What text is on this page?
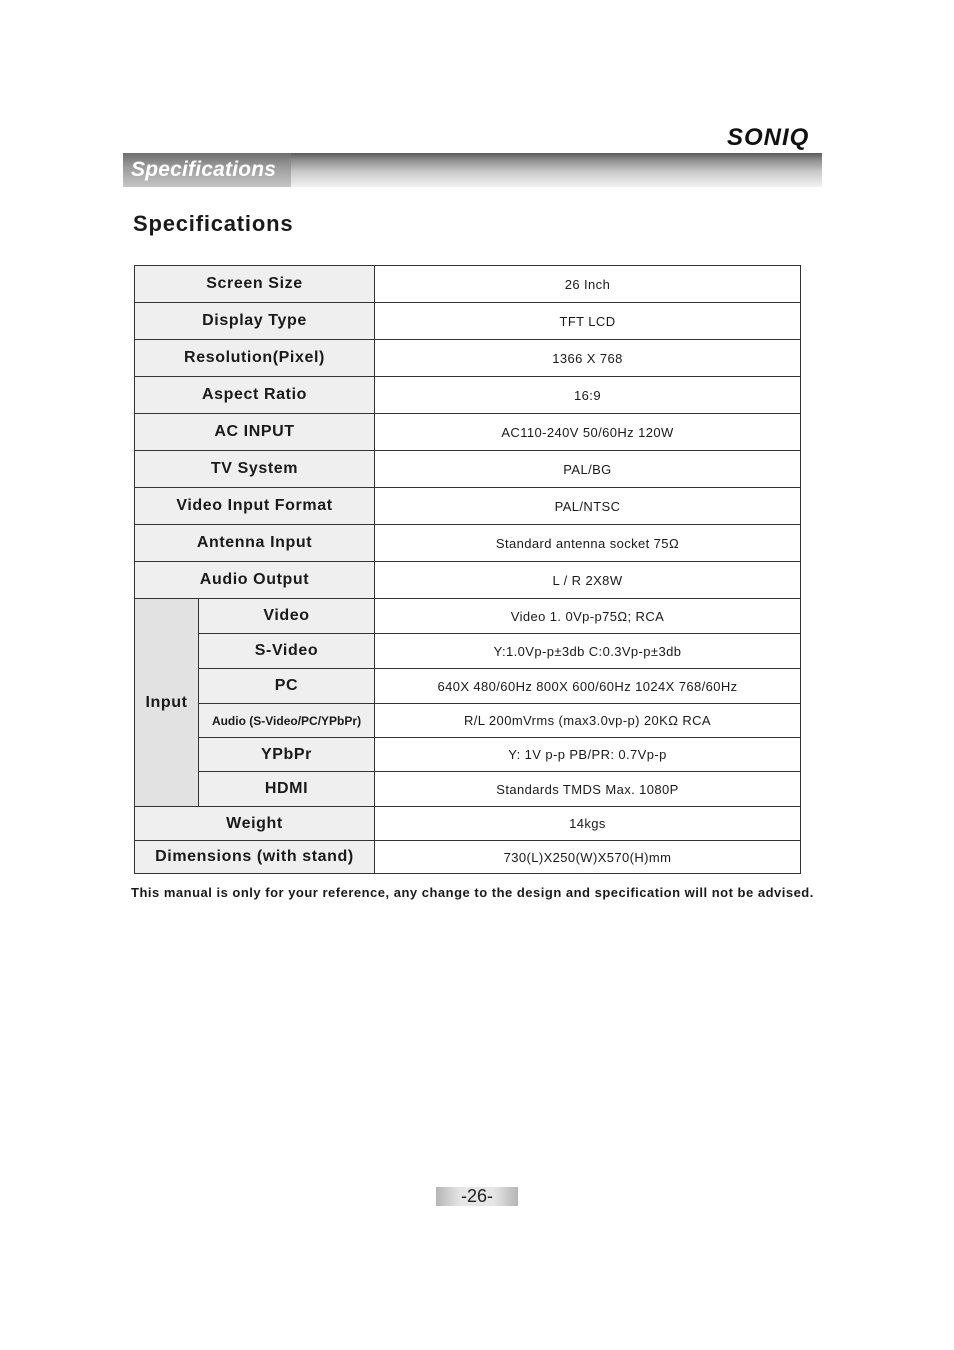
SONIQ
Specifications
Specifications
Screen Size		26 Inch
Display Type		TFT LCD
Resolution(Pixel)		1366 X 768
Aspect Ratio		16:9
AC INPUT		AC110-240V 50/60Hz 120W
TV System		PAL/BG
Video Input Format		PAL/NTSC
Antenna Input		Standard antenna socket 75Ω
Audio Output		L / R 2X8W
Input	Video	Video 1. 0Vp-p75Ω; RCA
	S-Video	Y:1.0Vp-p±3db C:0.3Vp-p±3db
	PC	640X 480/60Hz 800X 600/60Hz 1024X 768/60Hz
	Audio (S-Video/PC/YPbPr)	R/L 200mVrms (max3.0vp-p) 20KΩ RCA
	YPbPr	Y: 1V p-p PB/PR: 0.7Vp-p
	HDMI	Standards TMDS Max. 1080P
Weight		14kgs
Dimensions (with stand)		730(L)X250(W)X570(H)mm

This manual is only for your reference, any change to the design and specification will not be advised.

-26-
